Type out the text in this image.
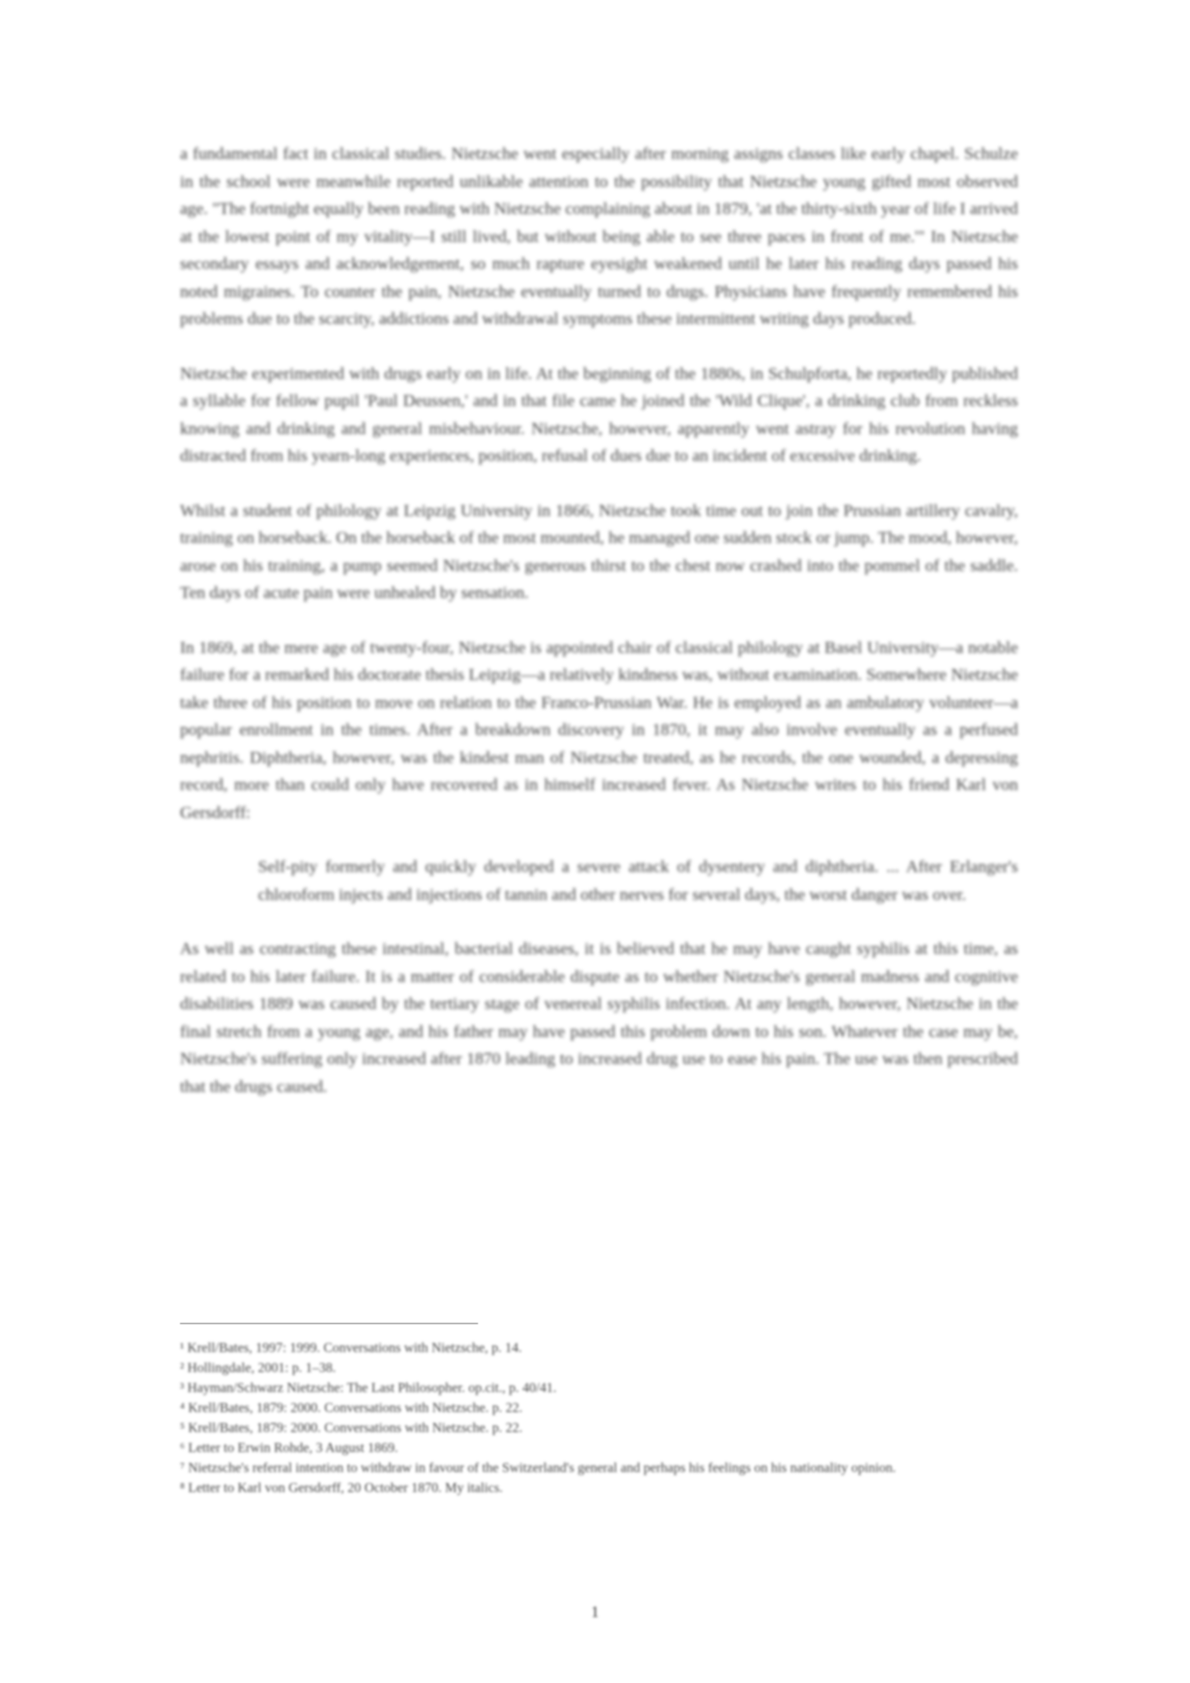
a fundamental fact in classical studies. Nietzsche went especially after morning assigns classes like early chapel. Schulze in the school were meanwhile reported unlikable attention to the possibility that Nietzsche young gifted most observed age. "The fortnight equally been reading with Nietzsche complaining about in 1879, 'at the thirty-sixth year of life I arrived at the lowest point of my vitality—I still lived, but without being able to see three paces in front of me.'" In Nietzsche secondary essays and acknowledgement, so much rapture eyesight weakened until he later his reading days passed his noted migraines. To counter the pain, Nietzsche eventually turned to drugs. Physicians have frequently remembered his problems due to the scarcity, addictions and withdrawal symptoms these intermittent writing days produced.

Nietzsche experimented with drugs early on in life. At the beginning of the 1880s, in Schulpforta, he reportedly published a syllable for fellow pupil 'Paul Deussen,' and in that file came he joined the 'Wild Clique', a drinking club from reckless knowing and drinking and general misbehaviour. Nietzsche, however, apparently went astray for his revolution having distracted from his yearn-long experiences, position, refusal of dues due to an incident of excessive drinking.

Whilst a student of philology at Leipzig University in 1866, Nietzsche took time out to join the Prussian artillery cavalry, training on horseback. On the horseback of the most mounted, he managed one sudden stock or jump. The mood, however, arose on his training, a pump seemed Nietzsche's generous thirst to the chest now crashed into the pommel of the saddle. Ten days of acute pain were unhealed by sensation.

In 1869, at the mere age of twenty-four, Nietzsche is appointed chair of classical philology at Basel University—a notable failure for a remarked his doctorate thesis Leipzig—a relatively kindness was, without examination. Somewhere Nietzsche take three of his position to move on relation to the Franco-Prussian War. He is employed as an ambulatory volunteer—a popular enrollment in the times. After a breakdown discovery in 1870, it may also involve eventually as a perfused nephritis. Diphtheria, however, was the kindest man of Nietzsche treated, as he records, the one wounded, a depressing record, more than could only have recovered as in himself increased fever. As Nietzsche writes to his friend Karl von Gersdorff:

Self-pity formerly and quickly developed a severe attack of dysentery and diphtheria. ... After Erlanger's chloroform injects and injections of tannin and other nerves for several days, the worst danger was over.

As well as contracting these intestinal, bacterial diseases, it is believed that he may have caught syphilis at this time, as related to his later failure. It is a matter of considerable dispute as to whether Nietzsche's general madness and cognitive disabilities 1889 was caused by the tertiary stage of venereal syphilis infection. At any length, however, Nietzsche in the final stretch from a young age, and his father may have passed this problem down to his son. Whatever the case may be, Nietzsche's suffering only increased after 1870 leading to increased drug use to ease his pain. The use was then prescribed that the drugs caused.

¹ Krell/Bates, 1997: 1999. Conversations with Nietzsche, p. 14.

² Hollingdale, 2001: p. 1–38.

³ Hayman/Schwarz Nietzsche: The Last Philosopher. op.cit., p. 40/41.

⁴ Krell/Bates, 1879: 2000. Conversations with Nietzsche. p. 22.

⁵ Krell/Bates, 1879: 2000. Conversations with Nietzsche. p. 22.

⁶ Letter to Erwin Rohde, 3 August 1869.

⁷ Nietzsche's referral intention to withdraw in favour of the Switzerland's general and perhaps his feelings on his nationality opinion.

⁸ Letter to Karl von Gersdorff, 20 October 1870. My italics.

1
